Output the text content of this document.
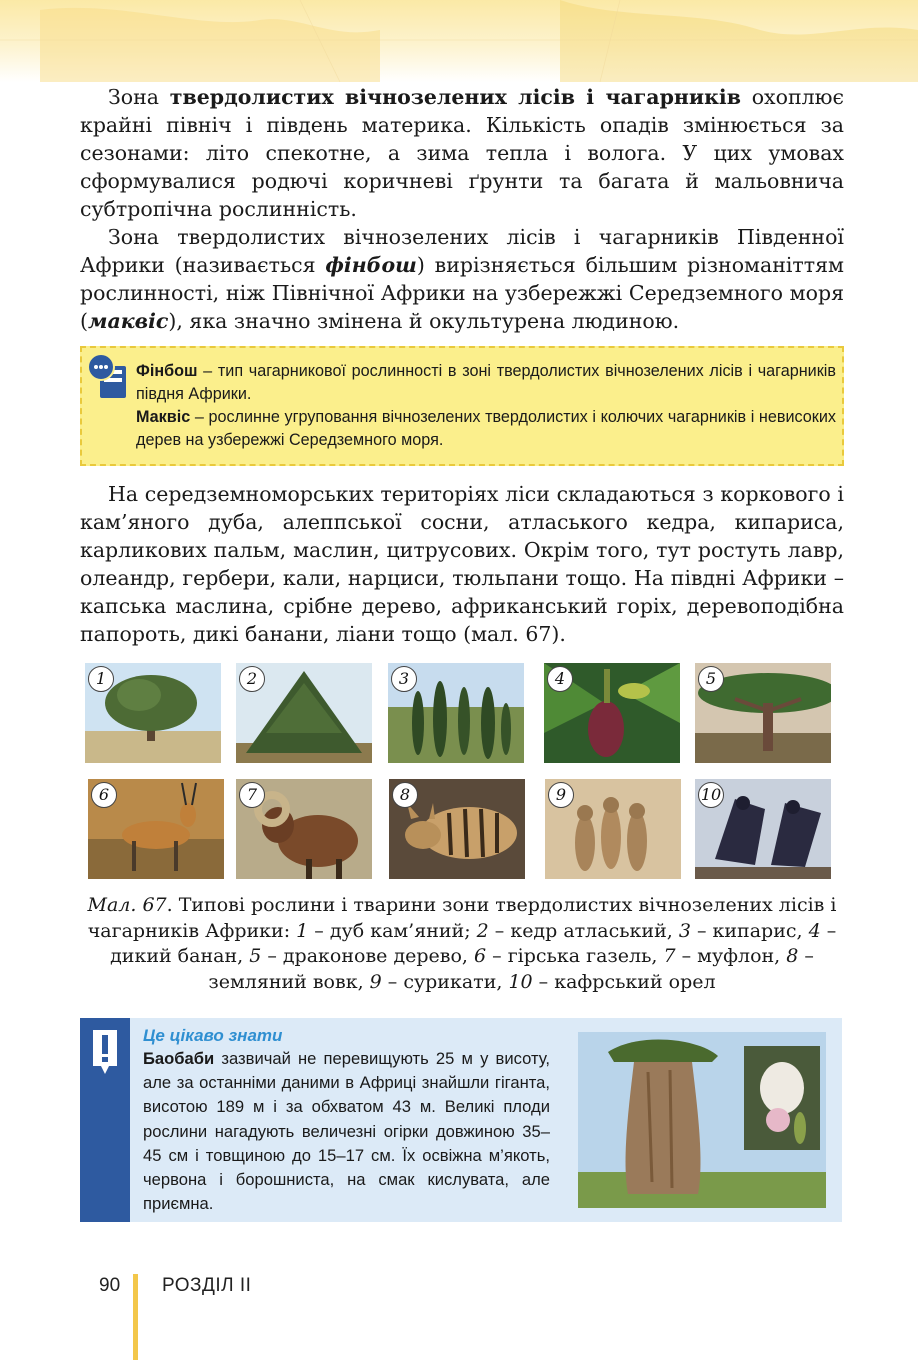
Зона твердолистих вічнозелених лісів і чагарників охоплює крайні північ і південь материка. Кількість опадів змінюється за сезонами: літо спекотне, а зима тепла і волога. У цих умовах сформувалися родючі коричневі ґрунти та багата й мальовнича субтропічна рослинність.

Зона твердолистих вічнозелених лісів і чагарників Південної Африки (називається фінбош) вирізняється більшим різноманіттям рослинності, ніж Північної Африки на узбережжі Середземного моря (маквіс), яка значно змінена й окультурена людиною.

Фінбош – тип чагарникової рослинності в зоні твердолистих вічнозелених лісів і чагарників півдня Африки.
Маквіс – рослинне угруповання вічнозелених твердолистих і колючих чагарників і невисоких дерев на узбережжі Середземного моря.

На середземноморських територіях ліси складаються з коркового і кам’яного дуба, алеппської сосни, атласького кедра, кипариса, карликових пальм, маслин, цитрусових. Окрім того, тут ростуть лавр, олеандр, гербери, кали, нарциси, тюльпани тощо. На півдні Африки – капська маслина, срібне дерево, африканський горіх, деревоподібна папороть, дикі банани, ліани тощо (мал. 67).

1	2	3	4	5
6	7	8	9	10

Мал. 67. Типові рослини і тварини зони твердолистих вічнозелених лісів і чагарників Африки: 1 – дуб кам’яний; 2 – кедр атласький, 3 – кипарис, 4 – дикий банан, 5 – драконове дерево, 6 – гірська газель, 7 – муфлон, 8 – земляний вовк, 9 – сурикати, 10 – кафрський орел

Це цікаво знати
Баобаби зазвичай не перевищують 25 м у висоту, але за останніми даними в Африці знайшли гіганта, висотою 189 м і за обхватом 43 м. Великі плоди рослини нагадують величезні огірки довжиною 35–45 см і товщиною до 15–17 см. Їх освіжна м’якоть, червона і борошниста, на смак кислувата, але приємна.
90 РОЗДІЛ II
